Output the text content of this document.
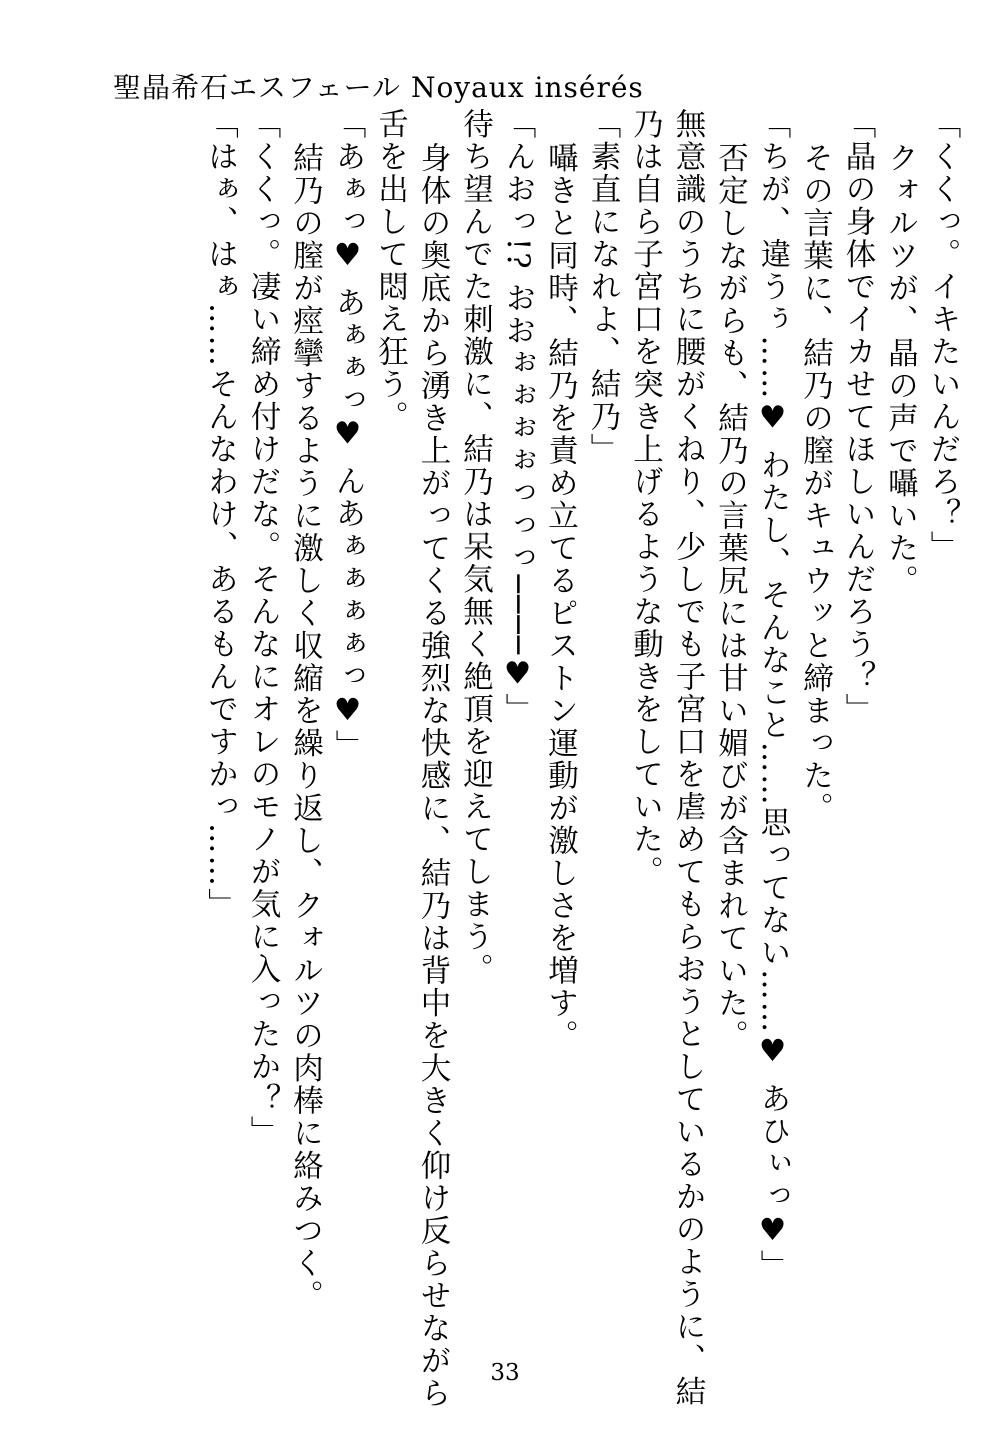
聖晶希石エスフェール Noyaux insérés
「くくっ。イキたいんだろ？」
クォルツが、晶の声で囁いた。
「晶の身体でイカせてほしいんだろう？」
その言葉に、結乃の膣がキュウッと締まった。
「ちが、違うぅ……♥ わたし、そんなこと……思ってない……♥ あひぃっ♥」
否定しながらも、結乃の言葉尻には甘い媚びが含まれていた。
無意識のうちに腰がくねり、少しでも子宮口を虐めてもらおうとしているかのように、結
乃は自ら子宮口を突き上げるような動きをしていた。
「素直になれよ、結乃」
囁きと同時、結乃を責め立てるピストン運動が激しさを増す。
「んおっ!? おおぉぉぉぉっっっ────♥」
待ち望んでた刺激に、結乃は呆気無く絶頂を迎えてしまう。
身体の奥底から湧き上がってくる強烈な快感に、結乃は背中を大きく仰け反らせながら
舌を出して悶え狂う。
「あぁっ♥ あぁぁっ♥ んあぁぁぁぁっ♥」
結乃の膣が痙攣するように激しく収縮を繰り返し、クォルツの肉棒に絡みつく。
「くくっ。凄い締め付けだな。そんなにオレのモノが気に入ったか？」
「はぁ、はぁ……そんなわけ、あるもんですかっ……」
33
